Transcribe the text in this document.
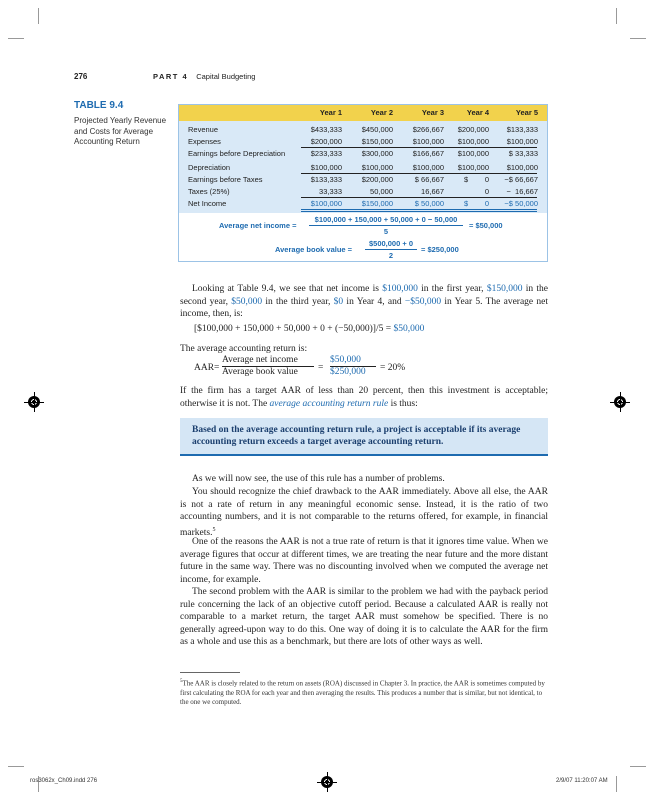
276	PART 4 Capital Budgeting
TABLE 9.4
Projected Yearly Revenue and Costs for Average Accounting Return
Year 1	Year 2	Year 3	Year 4	Year 5
Revenue	$433,333	$450,000	$266,667	$200,000	$133,333
Expenses	$200,000	$150,000	$100,000	$100,000	$100,000
Earnings before Depreciation	$233,333	$300,000	$166,667	$100,000	$ 33,333
Depreciation	$100,000	$100,000	$100,000	$100,000	$100,000
Earnings before Taxes	$133,333	$200,000	$ 66,667	$        0	−$ 66,667
Taxes (25%)	33,333	50,000	16,667	0	−  16,667
Net Income	$100,000	$150,000	$ 50,000	$        0	−$ 50,000
Average net income =
$100,000 + 150,000 + 50,000 + 0 − 50,000
5
= $50,000
Average book value =
$500,000 + 0
2
= $250,000
Looking at Table 9.4, we see that net income is $100,000 in the first year, $150,000 in the second year, $50,000 in the third year, $0 in Year 4, and −$50,000 in Year 5. The average net income, then, is:
[$100,000 + 150,000 + 50,000 + 0 + (−50,000)]/5 = $50,000
The average accounting return is:
AAR=
Average net income
Average book value	=
$50,000
$250,000	= 20%
If the firm has a target AAR of less than 20 percent, then this investment is acceptable; otherwise it is not. The average accounting return rule is thus:
Based on the average accounting return rule, a project is acceptable if its average accounting return exceeds a target average accounting return.
As we will now see, the use of this rule has a number of problems.
You should recognize the chief drawback to the AAR immediately. Above all else, the AAR is not a rate of return in any meaningful economic sense. Instead, it is the ratio of two accounting numbers, and it is not comparable to the returns offered, for example, in financial markets.$^5$
One of the reasons the AAR is not a true rate of return is that it ignores time value. When we average figures that occur at different times, we are treating the near future and the more distant future in the same way. There was no discounting involved when we computed the average net income, for example.
The second problem with the AAR is similar to the problem we had with the payback period rule concerning the lack of an objective cutoff period. Because a calculated AAR is really not comparable to a market return, the target AAR must somehow be specified. There is no generally agreed-upon way to do this. One way of doing it is to calculate the AAR for the firm as a whole and use this as a benchmark, but there are lots of other ways as well.
$^5$The AAR is closely related to the return on assets (ROA) discussed in Chapter 3. In practice, the AAR is sometimes computed by first calculating the ROA for each year and then averaging the results. This produces a number that is similar, but not identical, to the one we computed.
ros3062x_Ch09.indd 276	2/9/07 11:20:07 AM
